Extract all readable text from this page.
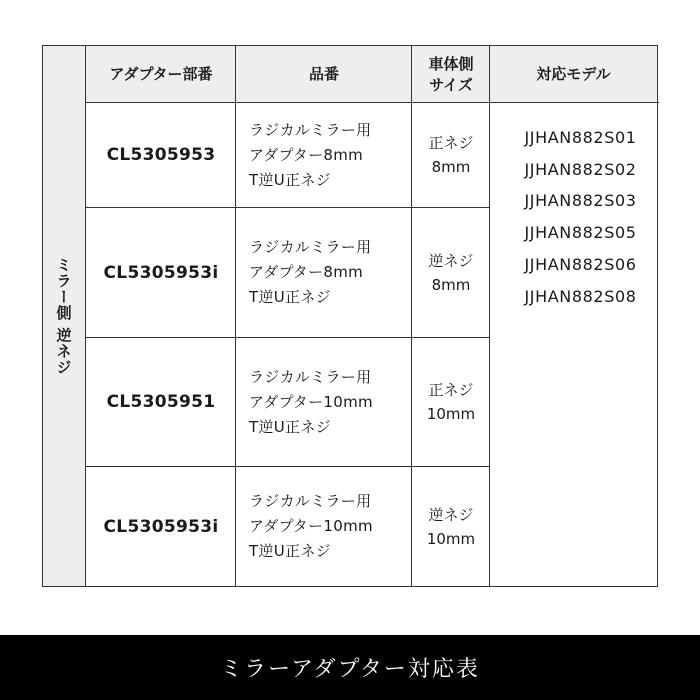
ミラー側 逆ネジ
アダプター部番	品番
車体側
サイズ
対応モデル
CL5305953
ラジカルミラー用
アダプター8mm
T逆U正ネジ
正ネジ
8mm
CL5305953i
ラジカルミラー用
アダプター8mm
T逆U正ネジ
逆ネジ
8mm
CL5305951
ラジカルミラー用
アダプター10mm
T逆U正ネジ
正ネジ
10mm
CL5305953i
ラジカルミラー用
アダプター10mm
T逆U正ネジ
逆ネジ
10mm
JJHAN882S01
JJHAN882S02
JJHAN882S03
JJHAN882S05
JJHAN882S06
JJHAN882S08
ミラーアダプター対応表
